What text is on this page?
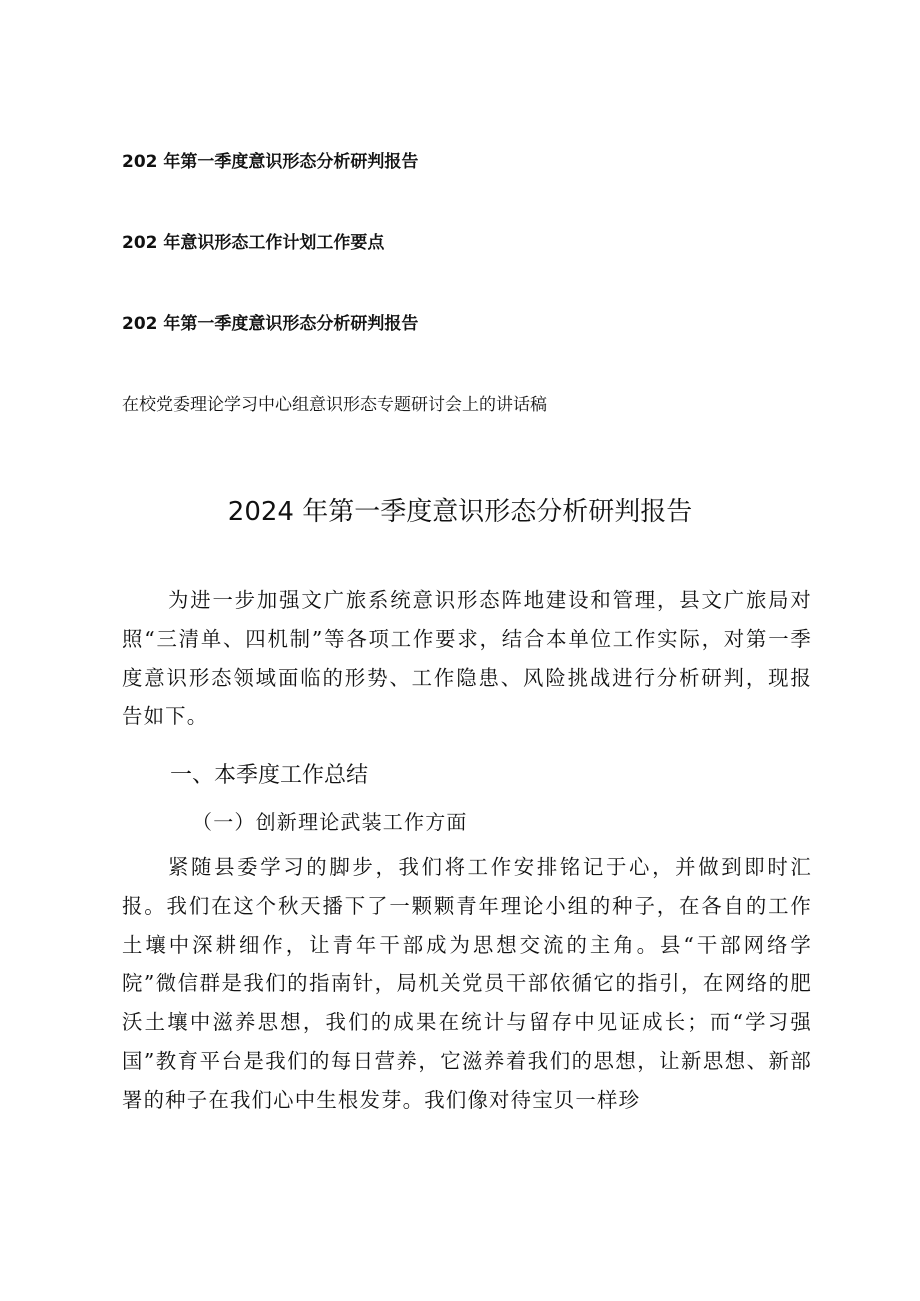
202 年第一季度意识形态分析研判报告
202 年意识形态工作计划工作要点
202 年第一季度意识形态分析研判报告
在校党委理论学习中心组意识形态专题研讨会上的讲话稿
2024 年第一季度意识形态分析研判报告
为进一步加强文广旅系统意识形态阵地建设和管理，县文广旅局对照“三清单、四机制”等各项工作要求，结合本单位工作实际，对第一季度意识形态领域面临的形势、工作隐患、风险挑战进行分析研判，现报告如下。
一、本季度工作总结
（一）创新理论武装工作方面
紧随县委学习的脚步，我们将工作安排铭记于心，并做到即时汇报。我们在这个秋天播下了一颗颗青年理论小组的种子，在各自的工作土壤中深耕细作，让青年干部成为思想交流的主角。县“干部网络学院”微信群是我们的指南针，局机关党员干部依循它的指引，在网络的肥沃土壤中滋养思想，我们的成果在统计与留存中见证成长；而“学习强国”教育平台是我们的每日营养，它滋养着我们的思想，让新思想、新部署的种子在我们心中生根发芽。我们像对待宝贝一样珍
